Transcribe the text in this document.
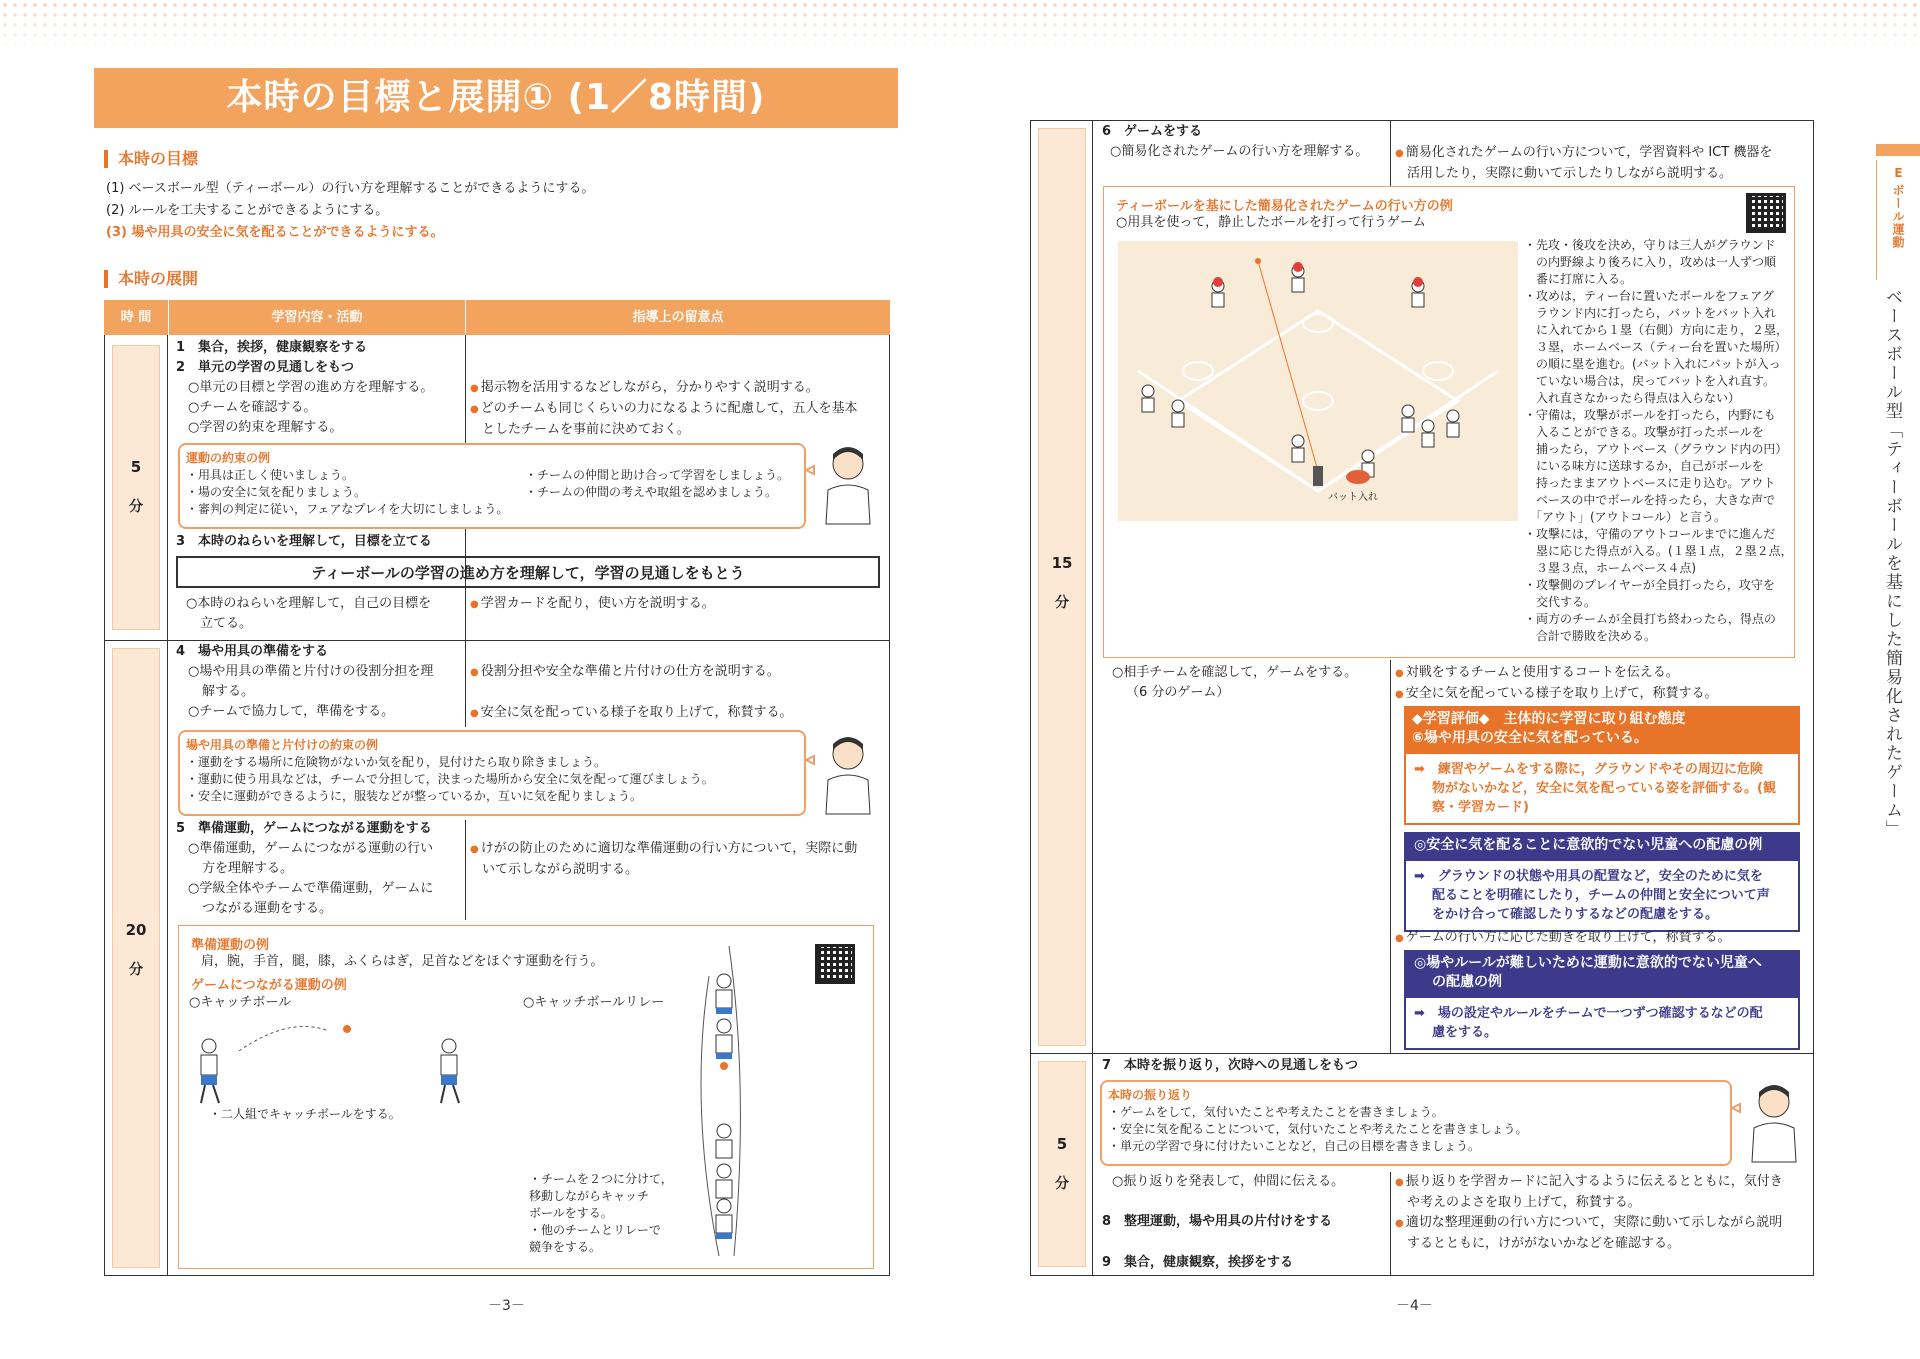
本時の目標と展開① (1／8時間)
本時の目標
(1) ベースボール型（ティーボール）の行い方を理解することができるようにする。
(2) ルールを工夫することができるようにする。
(3) 場や用具の安全に気を配ることができるようにする。
本時の展開
時 間	学習内容・活動	指導上の留意点
5
分
1　集合，挨拶，健康観察をする
2　単元の学習の見通しをもつ
○単元の目標と学習の進め方を理解する。
○チームを確認する。
○学習の約束を理解する。
● 掲示物を活用するなどしながら，分かりやすく説明する。
● どのチームも同じくらいの力になるように配慮して，五人を基本
としたチームを事前に決めておく。
運動の約束の例
・用具は正しく使いましょう。
・場の安全に気を配りましょう。
・審判の判定に従い，フェアなプレイを大切にしましょう。
・チームの仲間と助け合って学習をしましょう。
・チームの仲間の考えや取組を認めましょう。
3　本時のねらいを理解して，目標を立てる
ティーボールの学習の進め方を理解して，学習の見通しをもとう
○本時のねらいを理解して，自己の目標を
立てる。
● 学習カードを配り，使い方を説明する。
20
分
4　場や用具の準備をする
○場や用具の準備と片付けの役割分担を理
解する。
○チームで協力して，準備をする。
● 役割分担や安全な準備と片付けの仕方を説明する。
● 安全に気を配っている様子を取り上げて，称賛する。
場や用具の準備と片付けの約束の例
・運動をする場所に危険物がないか気を配り，見付けたら取り除きましょう。
・運動に使う用具などは，チームで分担して，決まった場所から安全に気を配って運びましょう。
・安全に運動ができるように，服装などが整っているか，互いに気を配りましょう。
5　準備運動，ゲームにつながる運動をする
○準備運動，ゲームにつながる運動の行い
方を理解する。
○学級全体やチームで準備運動，ゲームに
つながる運動をする。
● けがの防止のために適切な準備運動の行い方について，実際に動
いて示しながら説明する。
準備運動の例
肩，腕，手首，腿，膝，ふくらはぎ，足首などをほぐす運動を行う。
ゲームにつながる運動の例
○キャッチボール	○キャッチボールリレー
・二人組でキャッチボールをする。
・チームを２つに分けて，
移動しながらキャッチ
ボールをする。
・他のチームとリレーで
競争をする。
－3－
15
分
6　ゲームをする
○簡易化されたゲームの行い方を理解する。
●	簡易化されたゲームの行い方について，学習資料や ICT 機器を
活用したり，実際に動いて示したりしながら説明する。
ティーボールを基にした簡易化されたゲームの行い方の例
○用具を使って，静止したボールを打って行うゲーム
バット入れ
・先攻・後攻を決め，守りは三人がグラウンド
　の内野線より後ろに入り，攻めは一人ずつ順
　番に打席に入る。
・攻めは，ティー台に置いたボールをフェアグ
　ラウンド内に打ったら，バットをバット入れ
　に入れてから１塁（右側）方向に走り，２塁，
　３塁，ホームベース（ティー台を置いた場所）
　の順に塁を進む。(バット入れにバットが入っ
　ていない場合は，戻ってバットを入れ直す。
　入れ直さなかったら得点は入らない）
・守備は，攻撃がボールを打ったら，内野にも
　入ることができる。攻撃が打ったボールを
　捕ったら，アウトベース（グラウンド内の円）
　にいる味方に送球するか，自己がボールを
　持ったままアウトベースに走り込む。アウト
　ベースの中でボールを持ったら，大きな声で
　「アウト」(アウトコール）と言う。
・攻撃には，守備のアウトコールまでに進んだ
　塁に応じた得点が入る。(１塁１点，２塁２点，
　３塁３点，ホームベース４点)
・攻撃側のプレイヤーが全員打ったら，攻守を
　交代する。
・両方のチームが全員打ち終わったら，得点の
　合計で勝敗を決める。
○相手チームを確認して，ゲームをする。
（6 分のゲーム）
● 対戦をするチームと使用するコートを伝える。
● 安全に気を配っている様子を取り上げて，称賛する。
◆学習評価◆　主体的に学習に取り組む態度
⑥場や用具の安全に気を配っている。
➡　練習やゲームをする際に，グラウンドやその周辺に危険
物がないかなど，安全に気を配っている姿を評価する。(観
察・学習カード)
◎安全に気を配ることに意欲的でない児童への配慮の例
➡　グラウンドの状態や用具の配置など，安全のために気を
配ることを明確にしたり，チームの仲間と安全について声
をかけ合って確認したりするなどの配慮をする。
● ゲームの行い方に応じた動きを取り上げて，称賛する。
◎場やルールが難しいために運動に意欲的でない児童へ
の配慮の例
➡　場の設定やルールをチームで一つずつ確認するなどの配
慮をする。
5
分
7　本時を振り返り，次時への見通しをもつ
本時の振り返り
・ゲームをして，気付いたことや考えたことを書きましょう。
・安全に気を配ることについて，気付いたことや考えたことを書きましょう。
・単元の学習で身に付けたいことなど，自己の目標を書きましょう。
○振り返りを発表して，仲間に伝える。
8　整理運動，場や用具の片付けをする
9　集合，健康観察，挨拶をする
● 振り返りを学習カードに記入するように伝えるとともに，気付き
や考えのよさを取り上げて，称賛する。
● 適切な整理運動の行い方について，実際に動いて示しながら説明
するとともに，けががないかなどを確認する。
－4－
E
ボール運動
ベースボール型「ティーボールを基にした簡易化されたゲーム」
